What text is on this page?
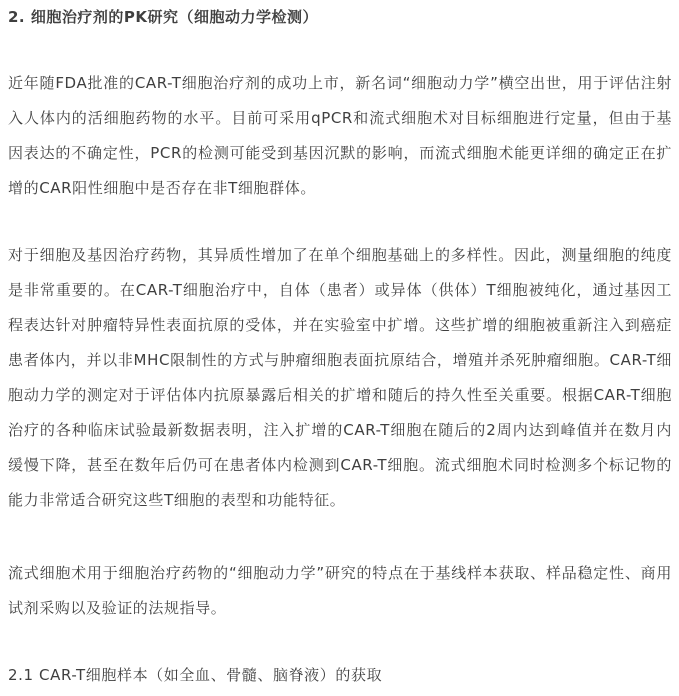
2. 细胞治疗剂的PK研究（细胞动力学检测）

近年随FDA批准的CAR-T细胞治疗剂的成功上市，新名词“细胞动力学”横空出世，用于评估注射入人体内的活细胞药物的水平。目前可采用qPCR和流式细胞术对目标细胞进行定量，但由于基因表达的不确定性，PCR的检测可能受到基因沉默的影响，而流式细胞术能更详细的确定正在扩增的CAR阳性细胞中是否存在非T细胞群体。

对于细胞及基因治疗药物，其异质性增加了在单个细胞基础上的多样性。因此，测量细胞的纯度是非常重要的。在CAR-T细胞治疗中，自体（患者）或异体（供体）T细胞被纯化，通过基因工程表达针对肿瘤特异性表面抗原的受体，并在实验室中扩增。这些扩增的细胞被重新注入到癌症患者体内，并以非MHC限制性的方式与肿瘤细胞表面抗原结合，增殖并杀死肿瘤细胞。CAR-T细胞动力学的测定对于评估体内抗原暴露后相关的扩增和随后的持久性至关重要。根据CAR-T细胞治疗的各种临床试验最新数据表明，注入扩增的CAR-T细胞在随后的2周内达到峰值并在数月内缓慢下降，甚至在数年后仍可在患者体内检测到CAR-T细胞。流式细胞术同时检测多个标记物的能力非常适合研究这些T细胞的表型和功能特征。

流式细胞术用于细胞治疗药物的“细胞动力学”研究的特点在于基线样本获取、样品稳定性、商用试剂采购以及验证的法规指导。

2.1 CAR-T细胞样本（如全血、骨髓、脑脊液）的获取
